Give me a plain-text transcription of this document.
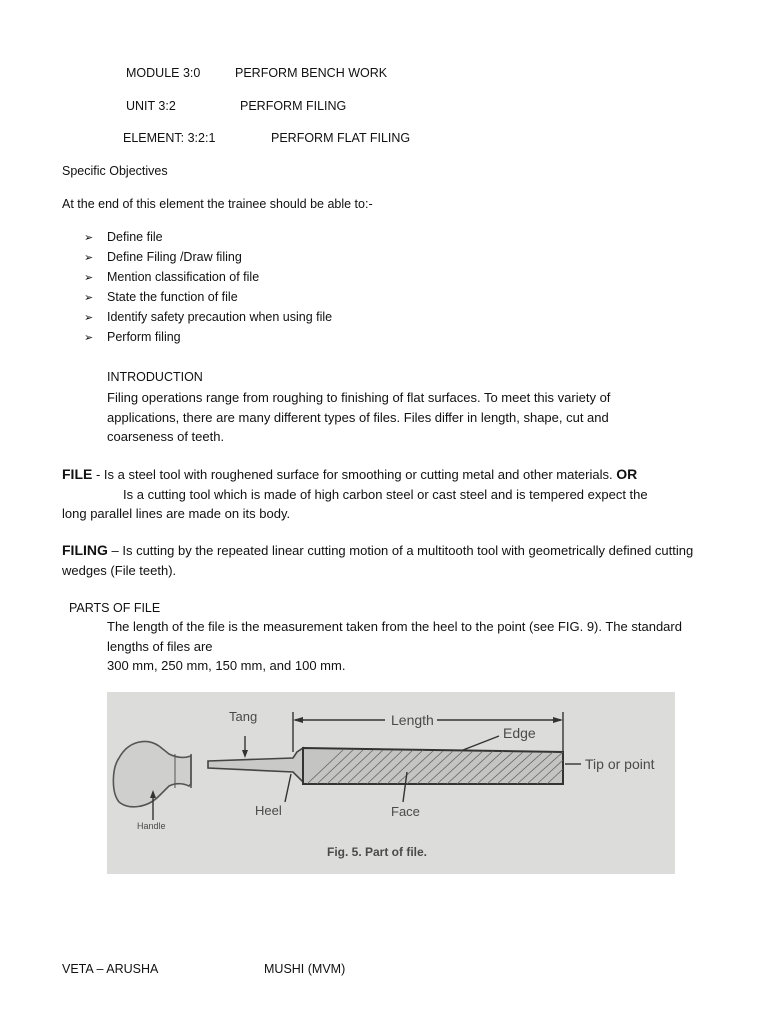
MODULE 3:0	PERFORM BENCH WORK
UNIT 3:2	PERFORM FILING
ELEMENT: 3:2:1	PERFORM FLAT FILING
Specific Objectives
At the end of this element the trainee should be able to:-
➢ Define file
➢ Define Filing /Draw filing
➢ Mention classification of file
➢ State the function of file
➢ Identify safety precaution when using file
➢ Perform filing
INTRODUCTION
Filing operations range from roughing to finishing of flat surfaces. To meet this variety of applications, there are many different types of files. Files differ in length, shape, cut and coarseness of teeth.
FILE - Is a steel tool with roughened surface for smoothing or cutting metal and other materials. OR
Is a cutting tool which is made of high carbon steel or cast steel and is tempered expect the
long parallel lines are made on its body.
FILING – Is cutting by the repeated linear cutting motion of a multitooth tool with geometrically defined cutting wedges (File teeth).
PARTS OF FILE
The length of the file is the measurement taken from the heel to the point (see FIG. 9). The standard lengths of files are
300 mm, 250 mm, 150 mm, and 100 mm.
Tang	Length
Edge
Tip or point
Heel	Face
Handle
Fig. 5. Part of file.
VETA – ARUSHA	MUSHI (MVM)
